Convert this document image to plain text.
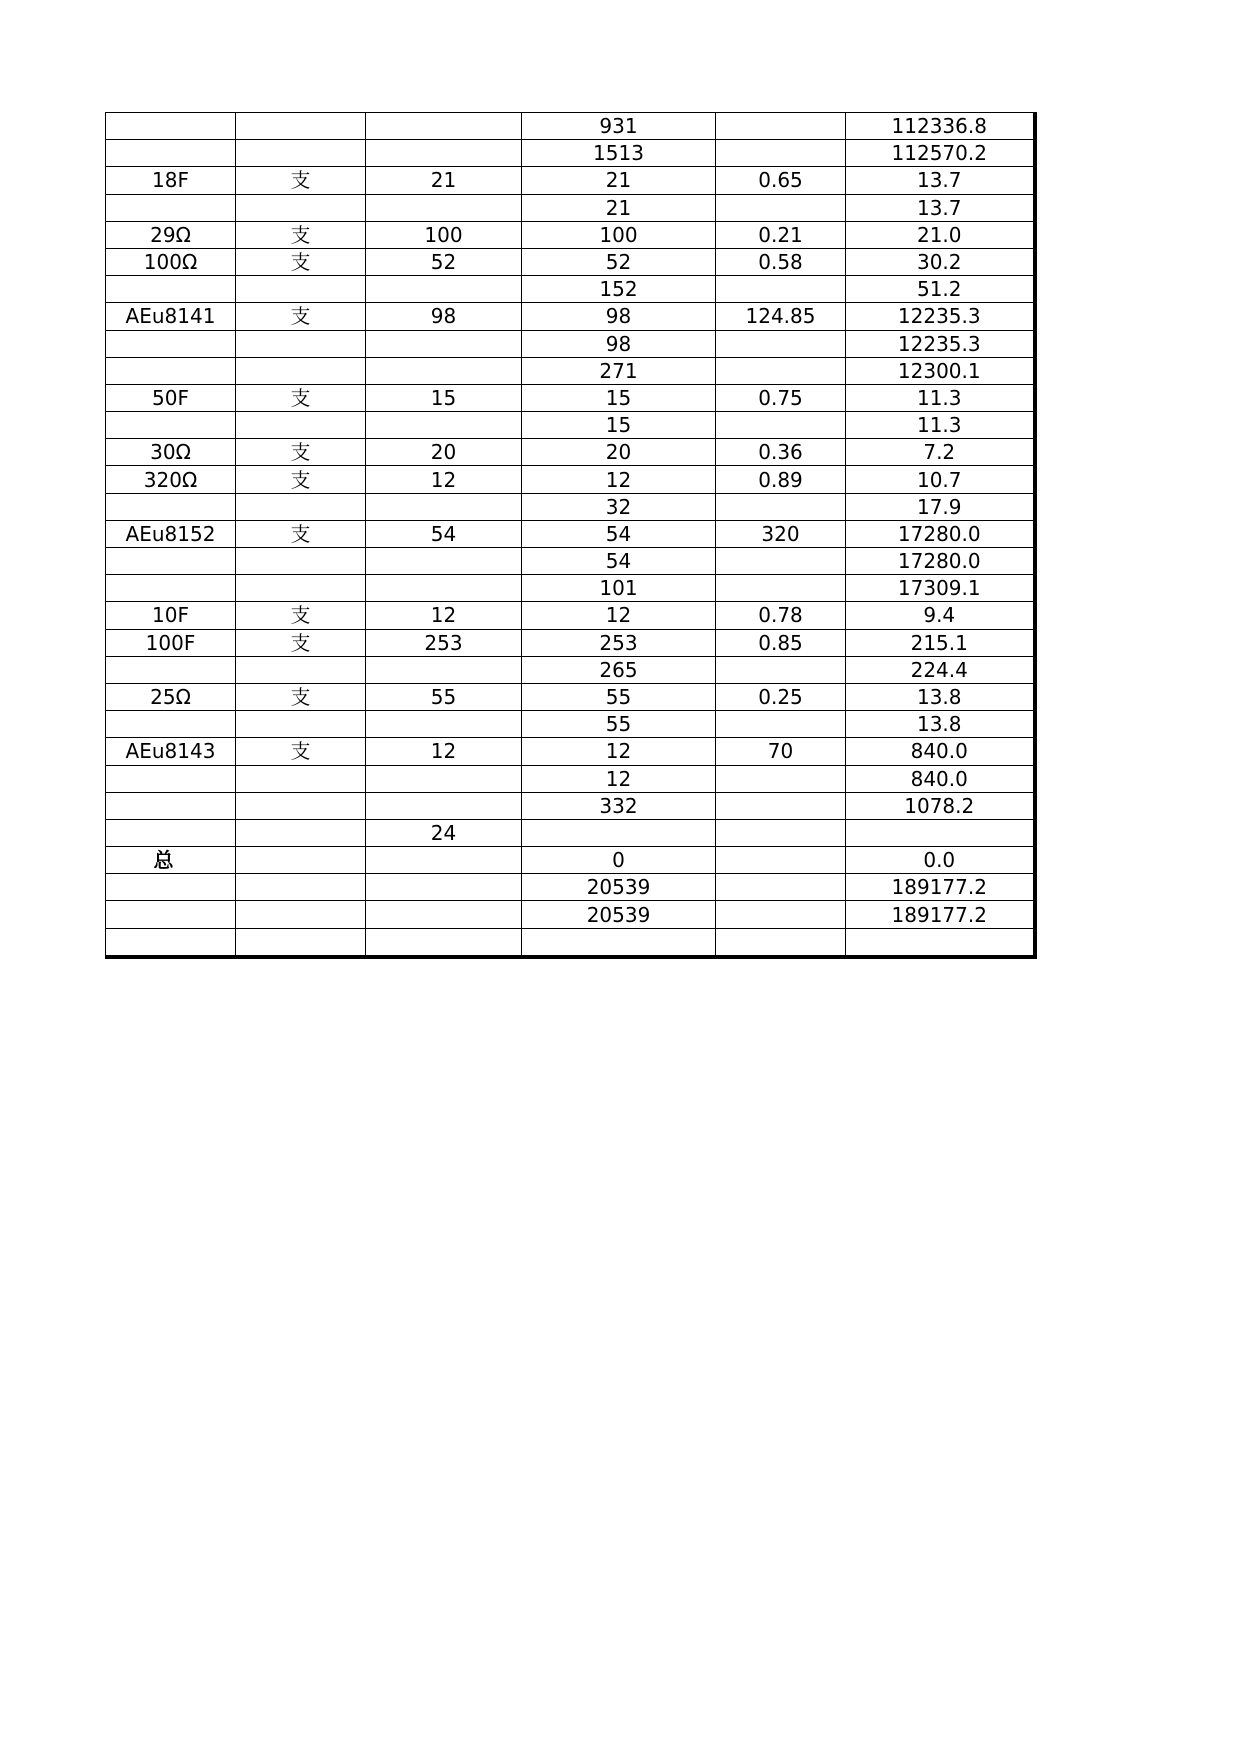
			931		112336.8
			1513		112570.2
18F	支	21	21	0.65	13.7
			21		13.7
29Ω	支	100	100	0.21	21.0
100Ω	支	52	52	0.58	30.2
			152		51.2
AEu8141	支	98	98	124.85	12235.3
			98		12235.3
			271		12300.1
50F	支	15	15	0.75	11.3
			15		11.3
30Ω	支	20	20	0.36	7.2
320Ω	支	12	12	0.89	10.7
			32		17.9
AEu8152	支	54	54	320	17280.0
			54		17280.0
			101		17309.1
10F	支	12	12	0.78	9.4
100F	支	253	253	0.85	215.1
			265		224.4
25Ω	支	55	55	0.25	13.8
			55		13.8
AEu8143	支	12	12	70	840.0
			12		840.0
			332		1078.2
		24			
总			0		0.0
			20539		189177.2
			20539		189177.2
